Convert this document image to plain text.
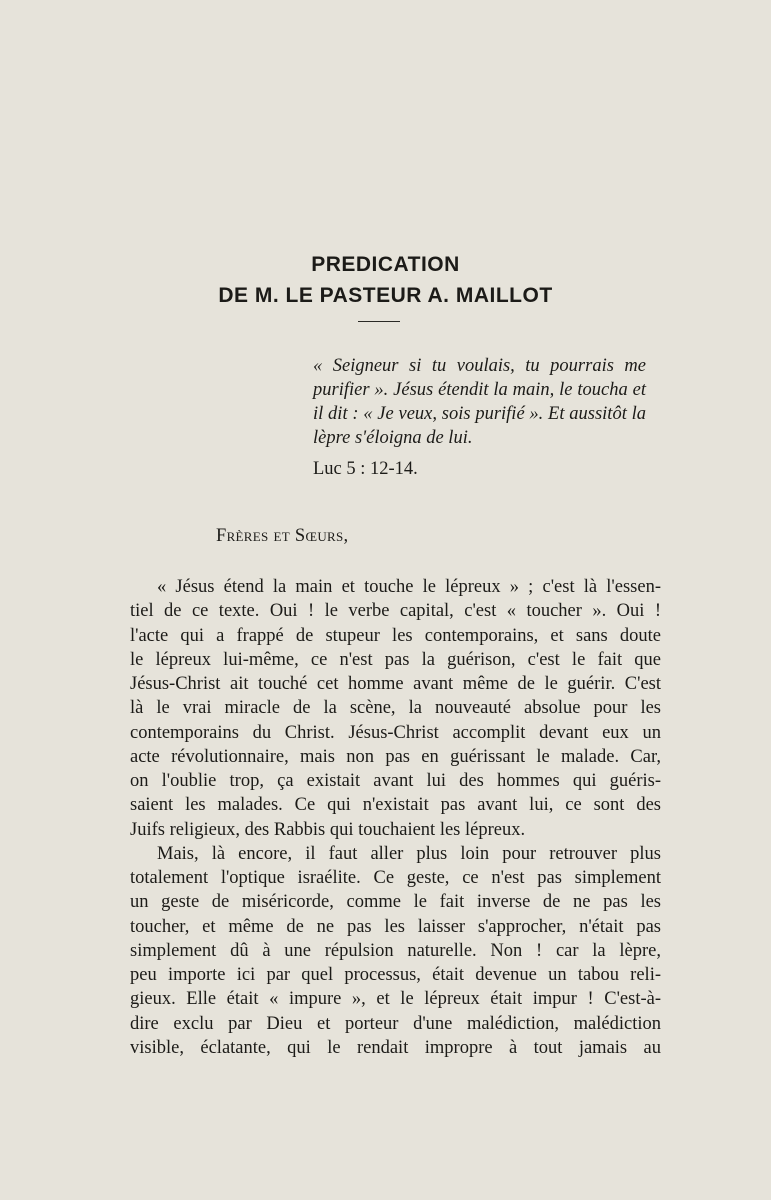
PREDICATION
DE M. LE PASTEUR A. MAILLOT
« Seigneur si tu voulais, tu pourrais me purifier ». Jésus étendit la main, le toucha et il dit : « Je veux, sois purifié ». Et aussitôt la lèpre s'éloigna de lui.
Luc 5 : 12-14.
Frères et Sœurs,
« Jésus étend la main et touche le lépreux » ; c'est là l'essen-
tiel de ce texte. Oui ! le verbe capital, c'est « toucher ». Oui !
l'acte qui a frappé de stupeur les contemporains, et sans doute
le lépreux lui-même, ce n'est pas la guérison, c'est le fait que
Jésus-Christ ait touché cet homme avant même de le guérir. C'est
là le vrai miracle de la scène, la nouveauté absolue pour les
contemporains du Christ. Jésus-Christ accomplit devant eux un
acte révolutionnaire, mais non pas en guérissant le malade. Car,
on l'oublie trop, ça existait avant lui des hommes qui guéris-
saient les malades. Ce qui n'existait pas avant lui, ce sont des
Juifs religieux, des Rabbis qui touchaient les lépreux.
Mais, là encore, il faut aller plus loin pour retrouver plus
totalement l'optique israélite. Ce geste, ce n'est pas simplement
un geste de miséricorde, comme le fait inverse de ne pas les
toucher, et même de ne pas les laisser s'approcher, n'était pas
simplement dû à une répulsion naturelle. Non ! car la lèpre,
peu importe ici par quel processus, était devenue un tabou reli-
gieux. Elle était « impure », et le lépreux était impur ! C'est-à-
dire exclu par Dieu et porteur d'une malédiction, malédiction
visible, éclatante, qui le rendait impropre à tout jamais au
